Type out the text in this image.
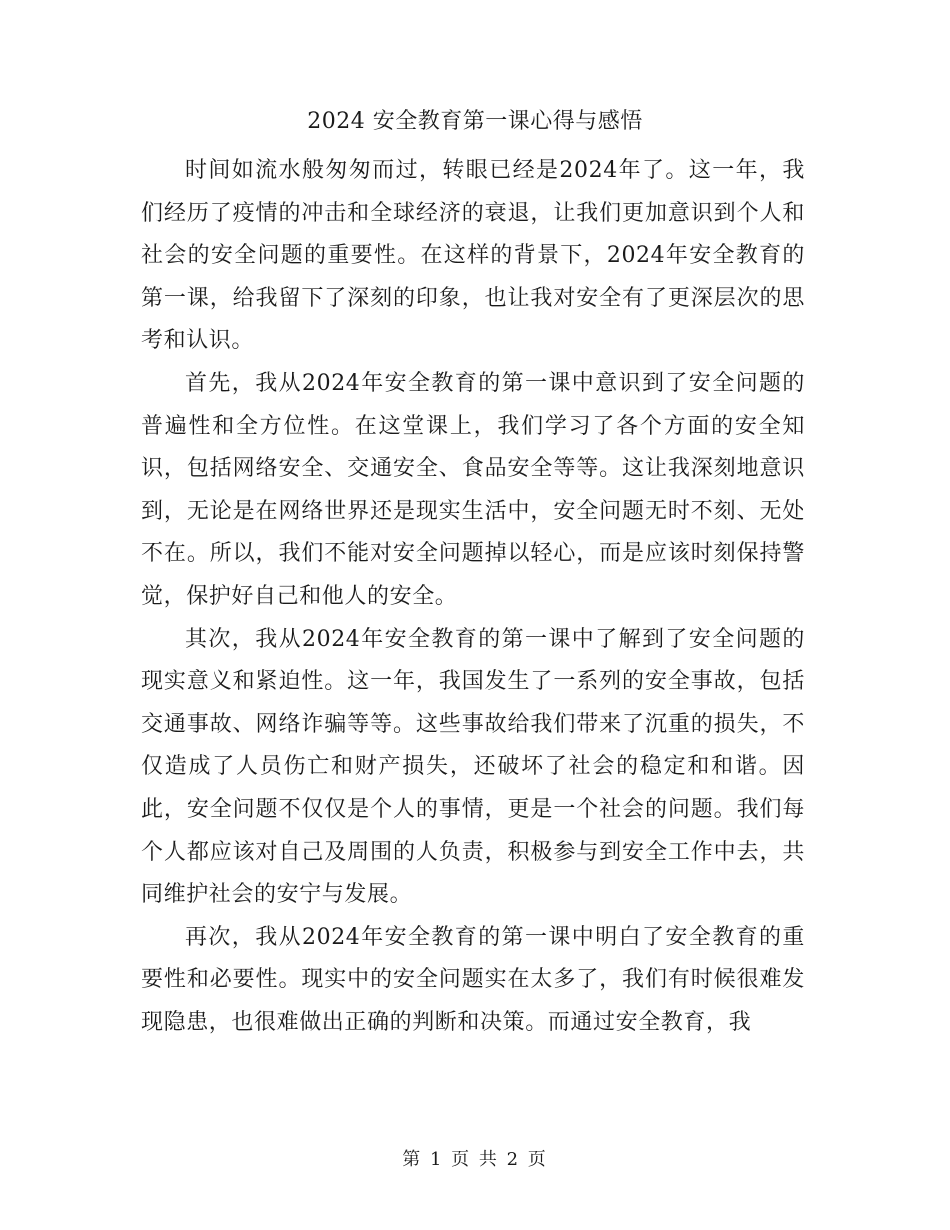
2024 安全教育第一课心得与感悟

时间如流水般匆匆而过，转眼已经是2024年了。这一年，我们经历了疫情的冲击和全球经济的衰退，让我们更加意识到个人和社会的安全问题的重要性。在这样的背景下，2024年安全教育的第一课，给我留下了深刻的印象，也让我对安全有了更深层次的思考和认识。

首先，我从2024年安全教育的第一课中意识到了安全问题的普遍性和全方位性。在这堂课上，我们学习了各个方面的安全知识，包括网络安全、交通安全、食品安全等等。这让我深刻地意识到，无论是在网络世界还是现实生活中，安全问题无时不刻、无处不在。所以，我们不能对安全问题掉以轻心，而是应该时刻保持警觉，保护好自己和他人的安全。

其次，我从2024年安全教育的第一课中了解到了安全问题的现实意义和紧迫性。这一年，我国发生了一系列的安全事故，包括交通事故、网络诈骗等等。这些事故给我们带来了沉重的损失，不仅造成了人员伤亡和财产损失，还破坏了社会的稳定和和谐。因此，安全问题不仅仅是个人的事情，更是一个社会的问题。我们每个人都应该对自己及周围的人负责，积极参与到安全工作中去，共同维护社会的安宁与发展。

再次，我从2024年安全教育的第一课中明白了安全教育的重要性和必要性。现实中的安全问题实在太多了，我们有时候很难发现隐患，也很难做出正确的判断和决策。而通过安全教育，我

第 1 页 共 2 页
